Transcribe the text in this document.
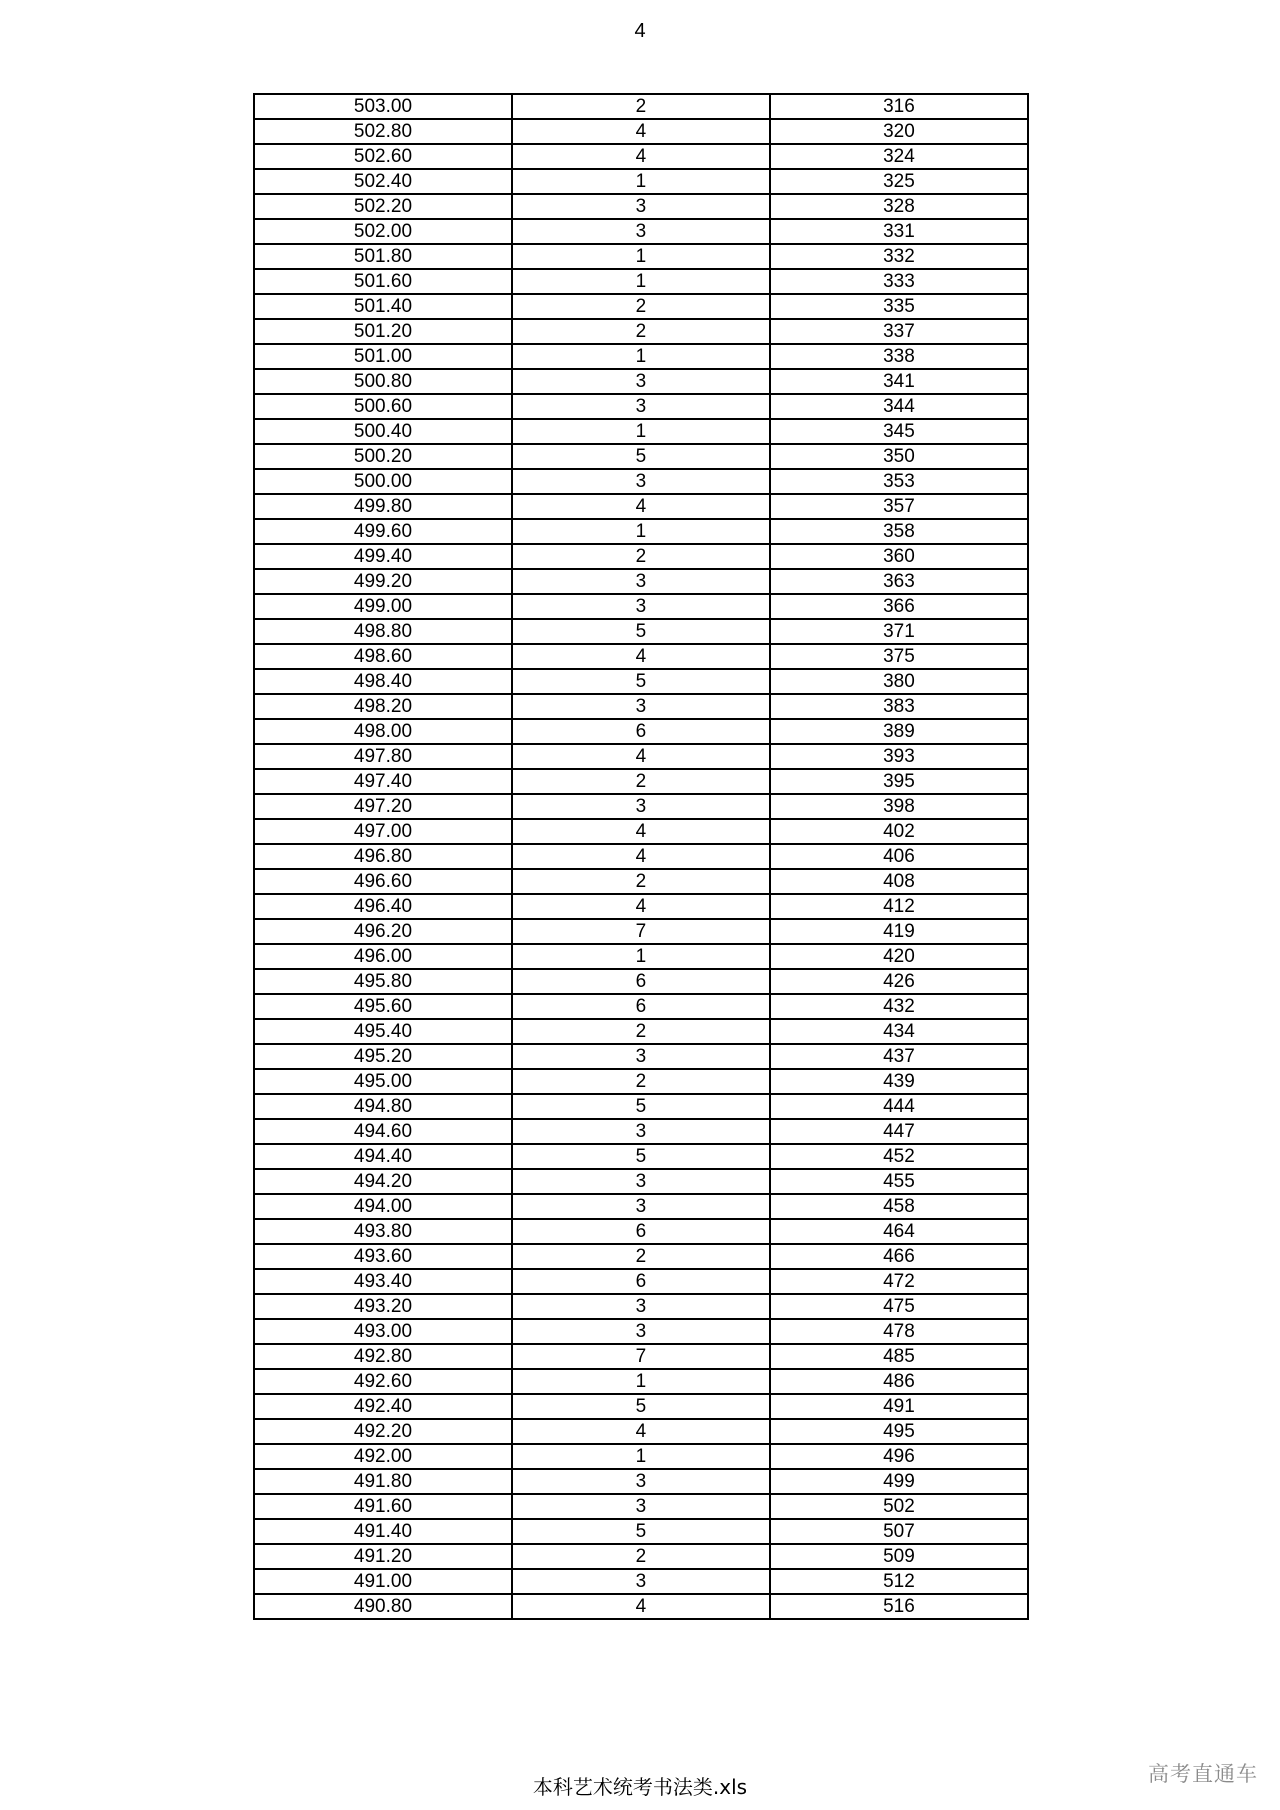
4
503.00	2	316
502.80	4	320
502.60	4	324
502.40	1	325
502.20	3	328
502.00	3	331
501.80	1	332
501.60	1	333
501.40	2	335
501.20	2	337
501.00	1	338
500.80	3	341
500.60	3	344
500.40	1	345
500.20	5	350
500.00	3	353
499.80	4	357
499.60	1	358
499.40	2	360
499.20	3	363
499.00	3	366
498.80	5	371
498.60	4	375
498.40	5	380
498.20	3	383
498.00	6	389
497.80	4	393
497.40	2	395
497.20	3	398
497.00	4	402
496.80	4	406
496.60	2	408
496.40	4	412
496.20	7	419
496.00	1	420
495.80	6	426
495.60	6	432
495.40	2	434
495.20	3	437
495.00	2	439
494.80	5	444
494.60	3	447
494.40	5	452
494.20	3	455
494.00	3	458
493.80	6	464
493.60	2	466
493.40	6	472
493.20	3	475
493.00	3	478
492.80	7	485
492.60	1	486
492.40	5	491
492.20	4	495
492.00	1	496
491.80	3	499
491.60	3	502
491.40	5	507
491.20	2	509
491.00	3	512
490.80	4	516
本科艺术统考书法类.xls
高考直通车
